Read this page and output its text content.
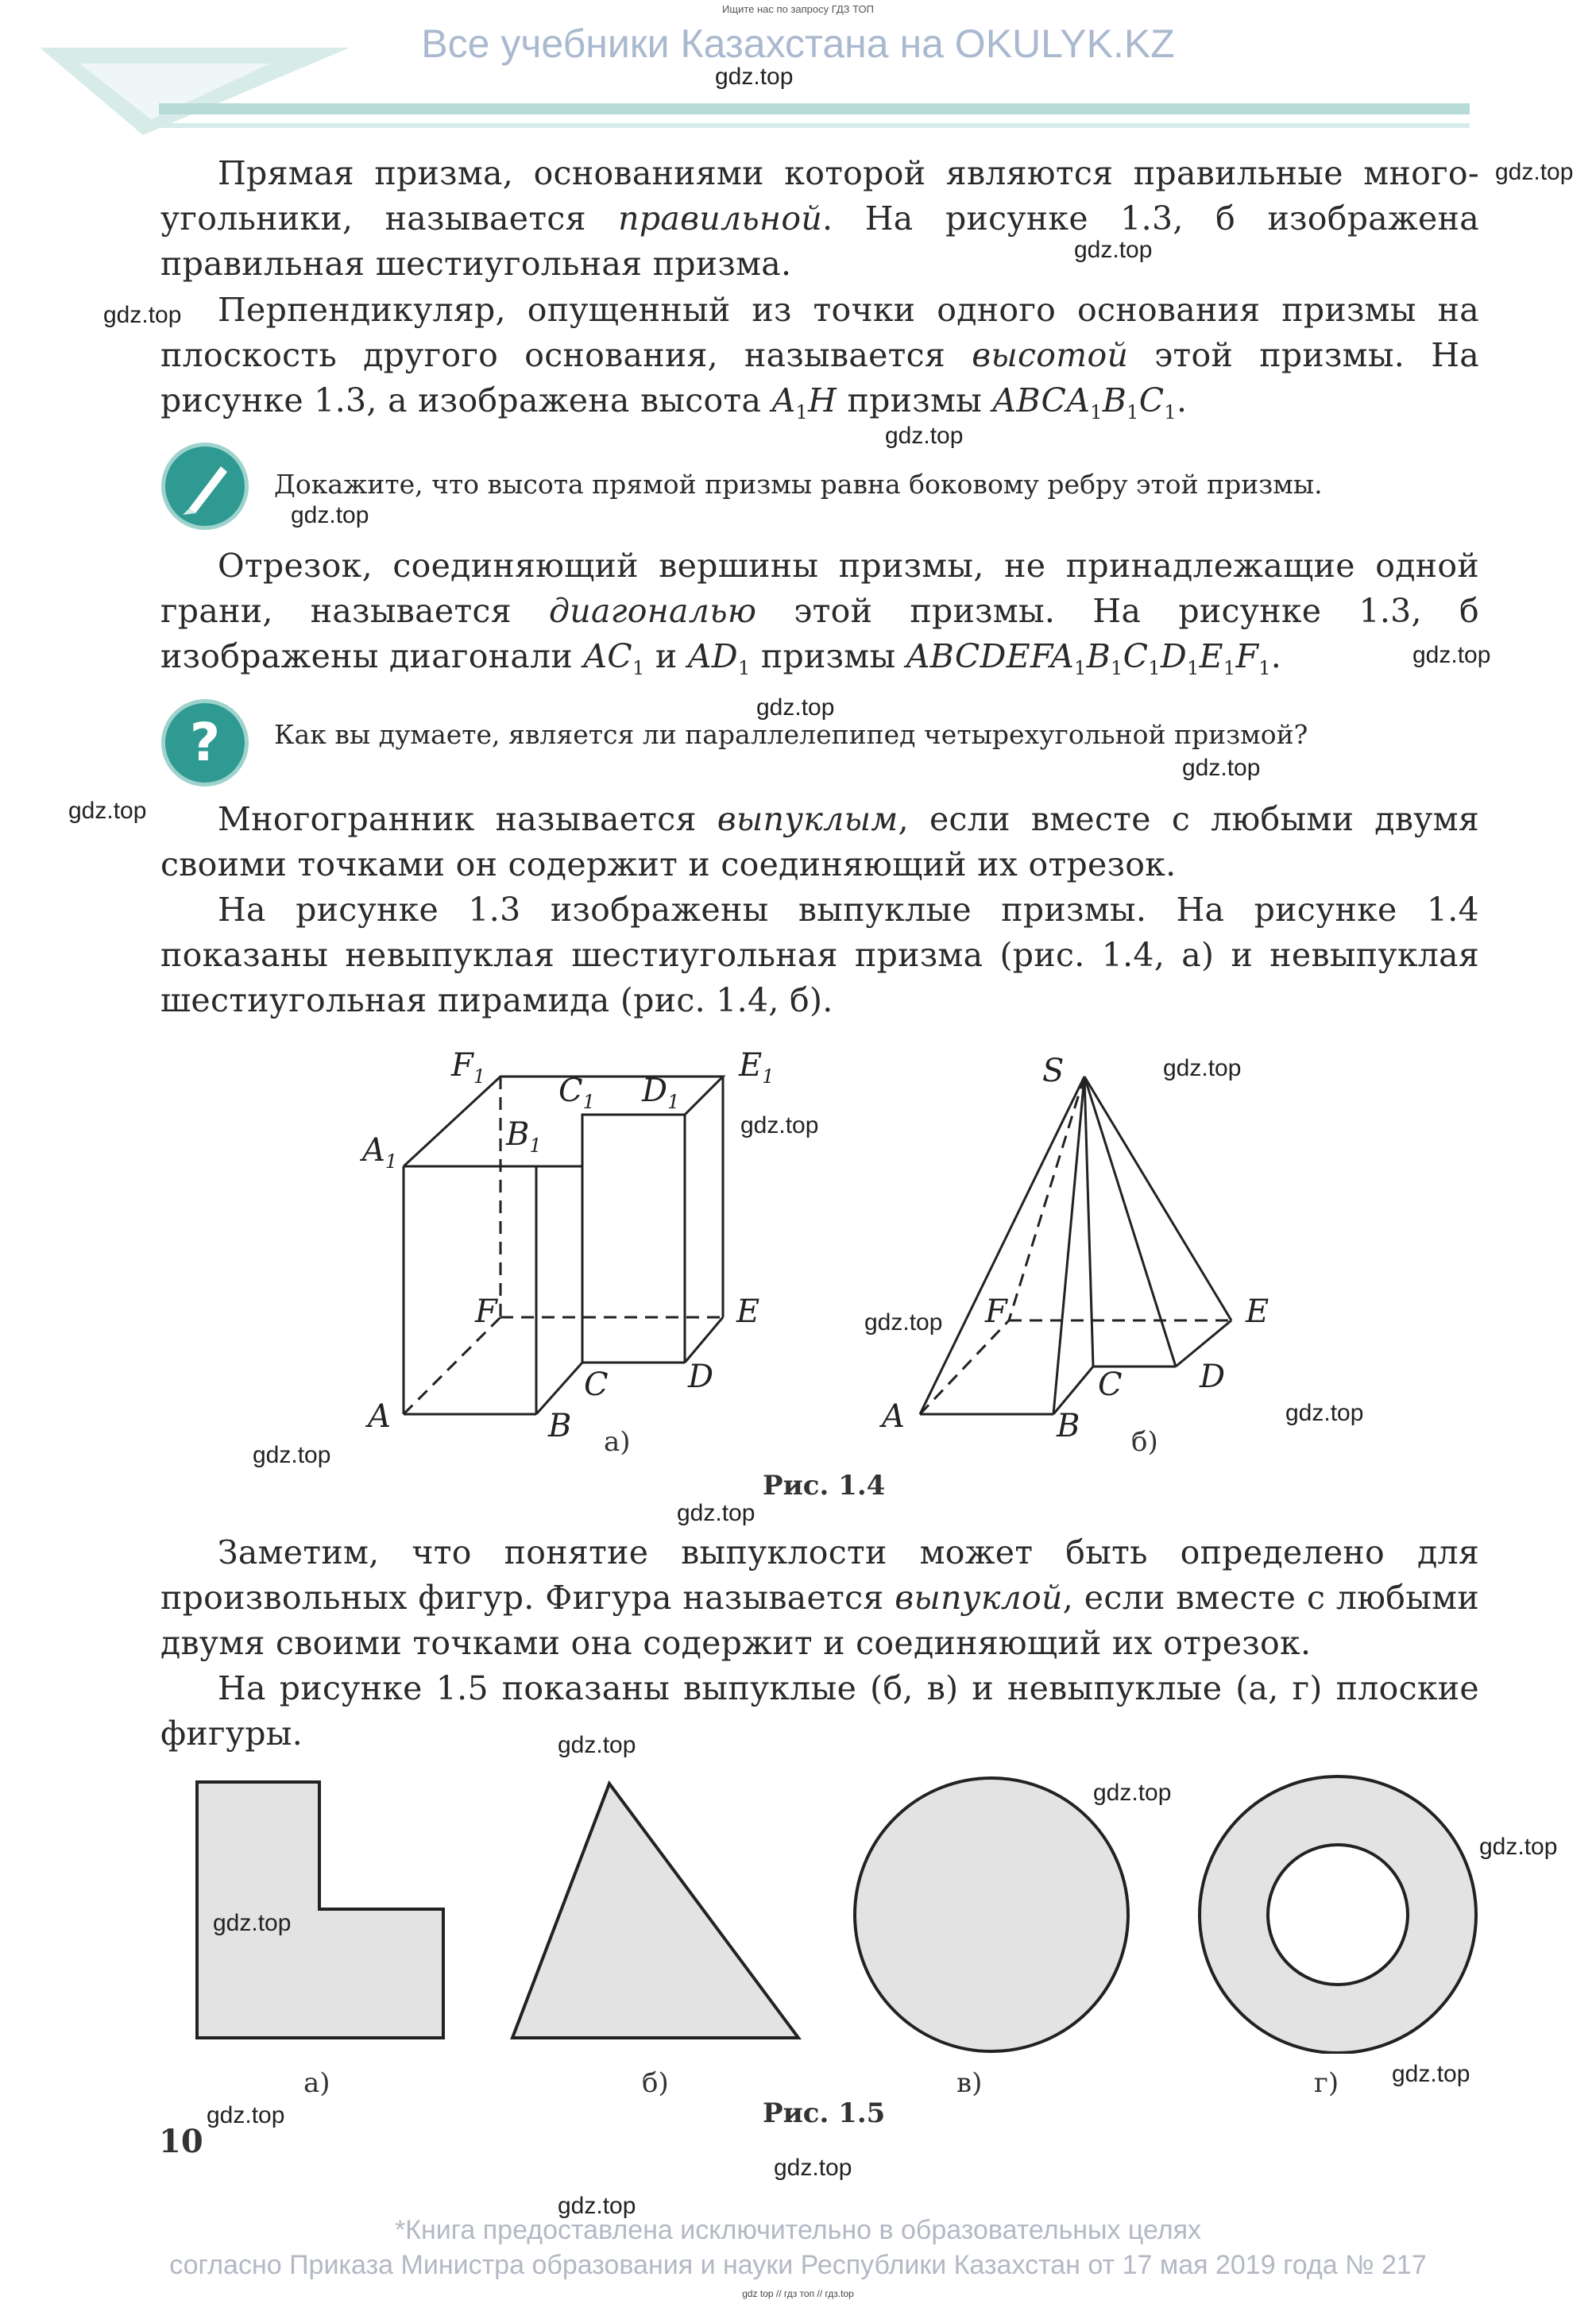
Ищите нас по запросу ГДЗ ТОП
Все учебники Казахстана на OKULYK.KZ
Прямая призма, основаниями которой являются правильные много-угольники, называется правильной. На рисунке 1.3, б изображена правильная шестиугольная призма.
Перпендикуляр, опущенный из точки одного основания призмы на плоскость другого основания, называется высотой этой призмы. На рисунке 1.3, а изображена высота $A_1H$ призмы $ABCA_1B_1C_1$.
Докажите, что высота прямой призмы равна боковому ребру этой призмы.
Отрезок, соединяющий вершины призмы, не принадлежащие одной грани, называется диагональю этой призмы. На рисунке 1.3, б изображены диагонали $AC_1$ и $AD_1$ призмы $ABCDEFA_1B_1C_1D_1E_1F_1$.
? Как вы думаете, является ли параллелепипед четырехугольной призмой?
Многогранник называется выпуклым, если вместе с любыми двумя своими точками он содержит и соединяющий их отрезок.
На рисунке 1.3 изображены выпуклые призмы. На рисунке 1.4 показаны невыпуклая шестиугольная призма (рис. 1.4, а) и невыпуклая шестиугольная пирамида (рис. 1.4, б).
$F_1$	$E_1$
$C_1$ $D_1$
$B_1$
$A_1$
F	E
C	D
A	B а)
S
F	E
C D
A	B б)
Рис. 1.4
Заметим, что понятие выпуклости может быть определено для произвольных фигур. Фигура называется выпуклой, если вместе с любыми двумя своими точками она содержит и соединяющий их отрезок.
На рисунке 1.5 показаны выпуклые (б, в) и невыпуклые (а, г) плоские фигуры.
а)	б)	в)	г)
Рис. 1.5
10
*Книга предоставлена исключительно в образовательных целях
согласно Приказа Министра образования и науки Республики Казахстан от 17 мая 2019 года № 217
gdz top // гдз топ // гдз.top
gdz.top
gdz.top
gdz.top
gdz.top
gdz.top
gdz.top
gdz.top
gdz.top
gdz.top
gdz.top
gdz.top
gdz.top
gdz.top
gdz.top
gdz.top
gdz.top
gdz.top
gdz.top
gdz.top
gdz.top
gdz.top
gdz.top
gdz.top
gdz.top
